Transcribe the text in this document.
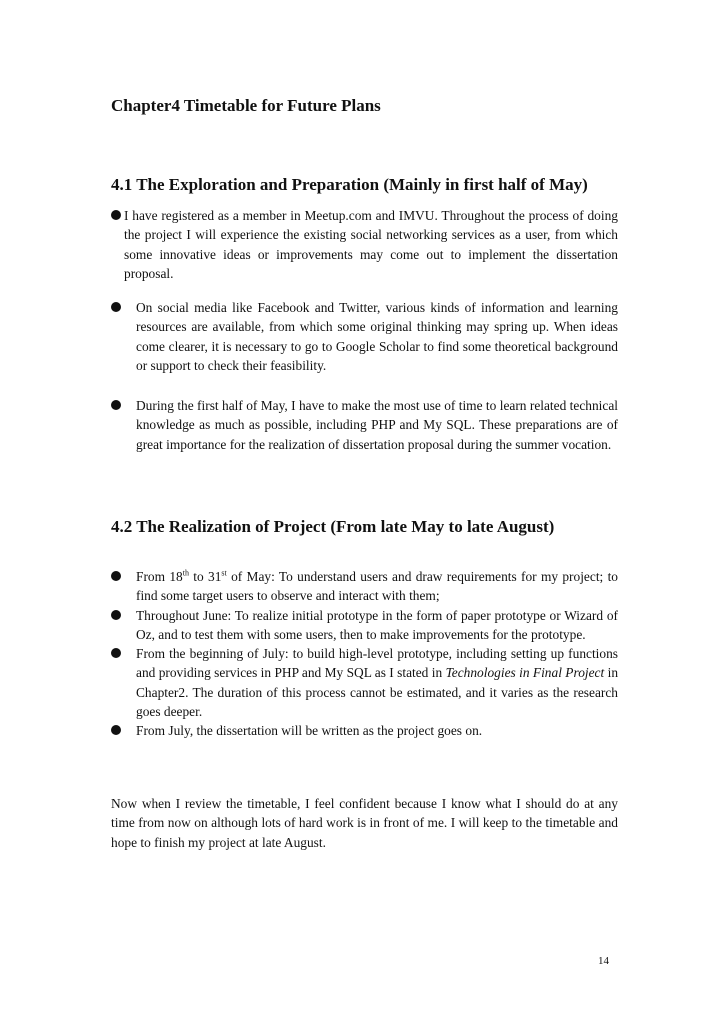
Chapter4 Timetable for Future Plans
4.1 The Exploration and Preparation (Mainly in first half of May)
I have registered as a member in Meetup.com and IMVU. Throughout the process of doing the project I will experience the existing social networking services as a user, from which some innovative ideas or improvements may come out to implement the dissertation proposal.
On social media like Facebook and Twitter, various kinds of information and learning resources are available, from which some original thinking may spring up. When ideas come clearer, it is necessary to go to Google Scholar to find some theoretical background or support to check their feasibility.
During the first half of May, I have to make the most use of time to learn related technical knowledge as much as possible, including PHP and My SQL. These preparations are of great importance for the realization of dissertation proposal during the summer vocation.
4.2 The Realization of Project (From late May to late August)
From 18th to 31st of May: To understand users and draw requirements for my project; to find some target users to observe and interact with them;
Throughout June: To realize initial prototype in the form of paper prototype or Wizard of Oz, and to test them with some users, then to make improvements for the prototype.
From the beginning of July: to build high-level prototype, including setting up functions and providing services in PHP and My SQL as I stated in Technologies in Final Project in Chapter2. The duration of this process cannot be estimated, and it varies as the research goes deeper.
From July, the dissertation will be written as the project goes on.

Now when I review the timetable, I feel confident because I know what I should do at any time from now on although lots of hard work is in front of me. I will keep to the timetable and hope to finish my project at late August.

14
